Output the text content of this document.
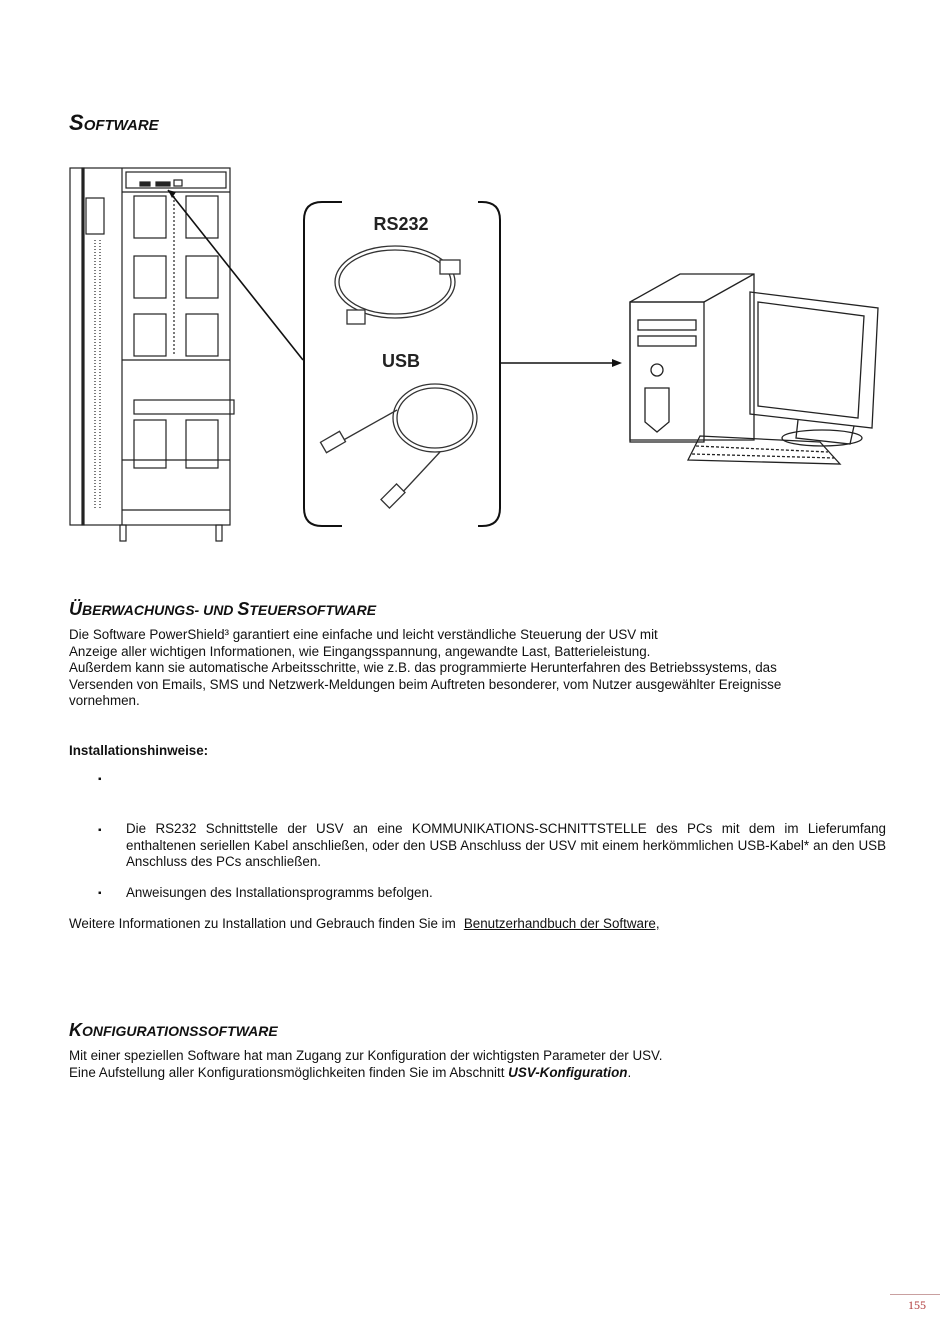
SOFTWARE
RS232
USB
ÜBERWACHUNGS- UND STEUERSOFTWARE

Die Software PowerShield³ garantiert eine einfache und leicht verständliche Steuerung der USV mit

Anzeige aller wichtigen Informationen, wie Eingangsspannung, angewandte Last, Batterieleistung.

Außerdem kann sie automatische Arbeitsschritte, wie z.B. das programmierte Herunterfahren des Betriebssystems, das

Versenden von Emails, SMS und Netzwerk-Meldungen beim Auftreten besonderer, vom Nutzer ausgewählter Ereignisse

vornehmen.

Installationshinweise:
▪
▪ Die RS232 Schnittstelle der USV an eine KOMMUNIKATIONS-SCHNITTSTELLE des PCs mit dem im Lieferumfang enthaltenen seriellen Kabel anschließen, oder den USB Anschluss der USV mit einem herkömmlichen USB-Kabel* an den USB Anschluss des PCs anschließen.
▪ Anweisungen des Installationsprogramms befolgen.
Weitere Informationen zu Installation und Gebrauch finden Sie im Benutzerhandbuch der Software,
KONFIGURATIONSSOFTWARE

Mit einer speziellen Software hat man Zugang zur Konfiguration der wichtigsten Parameter der USV.

Eine Aufstellung aller Konfigurationsmöglichkeiten finden Sie im Abschnitt USV-Konfiguration.

155
